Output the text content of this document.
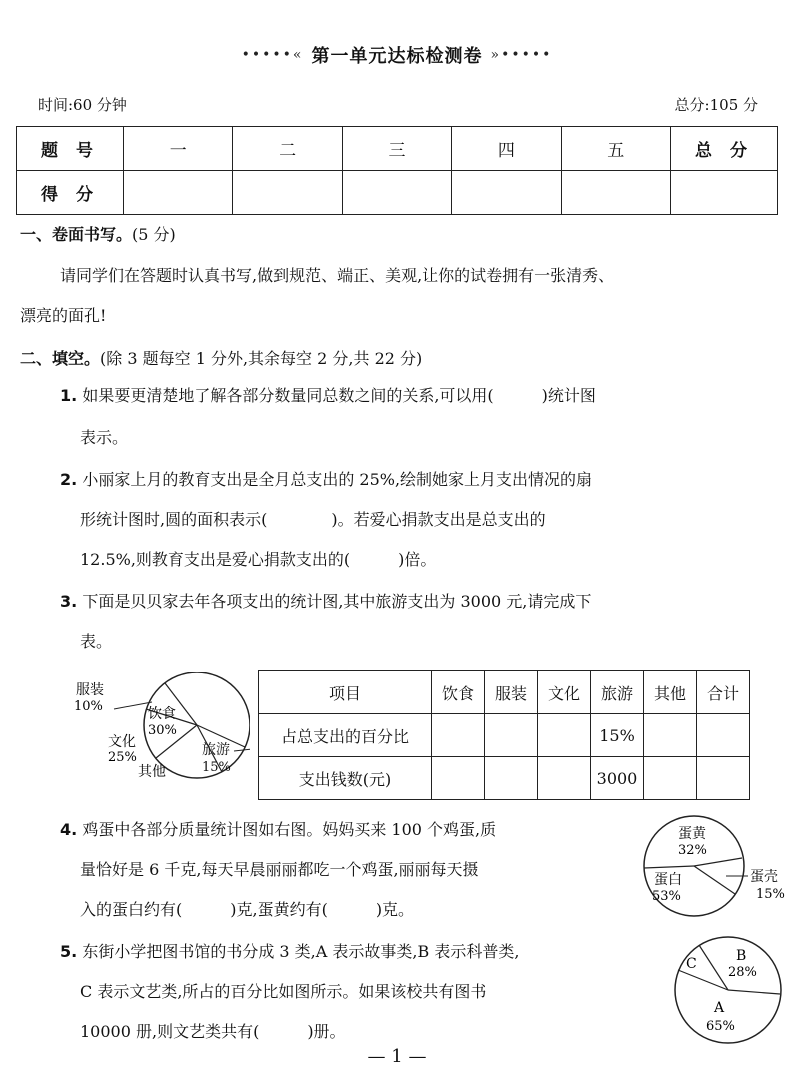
•••••« 第一单元达标检测卷 »•••••
时间:60 分钟	总分:105 分
题 号	一	二	三	四	五	总 分
得 分						
一、卷面书写。(5 分)
请同学们在答题时认真书写,做到规范、端正、美观,让你的试卷拥有一张清秀、
漂亮的面孔!
二、填空。(除 3 题每空 1 分外,其余每空 2 分,共 22 分)
1. 如果要更清楚地了解各部分数量同总数之间的关系,可以用(　　　)统计图
表示。
2. 小丽家上月的教育支出是全月总支出的 25%,绘制她家上月支出情况的扇
形统计图时,圆的面积表示(　　　　)。若爱心捐款支出是总支出的
12.5%,则教育支出是爱心捐款支出的(　　　)倍。
3. 下面是贝贝家去年各项支出的统计图,其中旅游支出为 3000 元,请完成下
表。
服装
10%	饮食
30%
文化
25%
其他
旅游
15%
项目	饮食	服装	文化	旅游	其他	合计
占总支出的百分比				15%		
支出钱数(元)				3000		
4. 鸡蛋中各部分质量统计图如右图。妈妈买来 100 个鸡蛋,质
量恰好是 6 千克,每天早晨丽丽都吃一个鸡蛋,丽丽每天摄
入的蛋白约有(　　　)克,蛋黄约有(　　　)克。
蛋黄
32%
蛋白
53%
蛋壳
15%
5. 东街小学把图书馆的书分成 3 类,A 表示故事类,B 表示科普类,
C 表示文艺类,所占的百分比如图所示。如果该校共有图书
10000 册,则文艺类共有(　　　)册。
C	B
28%
A
65%
— 1 —
